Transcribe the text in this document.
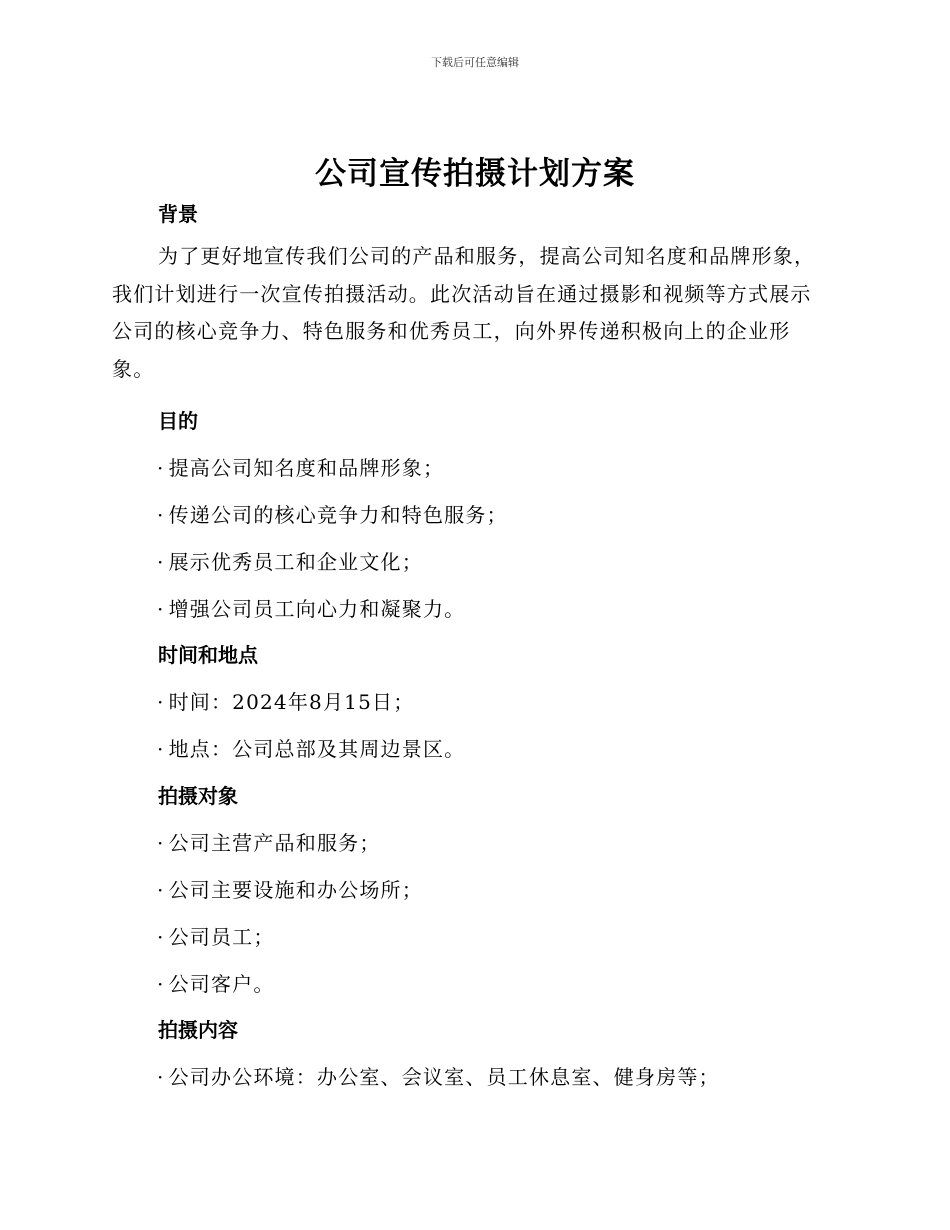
下载后可任意编辑
公司宣传拍摄计划方案
背景

为了更好地宣传我们公司的产品和服务，提高公司知名度和品牌形象，我们计划进行一次宣传拍摄活动。此次活动旨在通过摄影和视频等方式展示公司的核心竞争力、特色服务和优秀员工，向外界传递积极向上的企业形象。

目的
· 提高公司知名度和品牌形象；
· 传递公司的核心竞争力和特色服务；
· 展示优秀员工和企业文化；
· 增强公司员工向心力和凝聚力。
时间和地点
· 时间：2024年8月15日；
· 地点：公司总部及其周边景区。
拍摄对象
· 公司主营产品和服务；
· 公司主要设施和办公场所；
· 公司员工；
· 公司客户。
拍摄内容
· 公司办公环境：办公室、会议室、员工休息室、健身房等；
